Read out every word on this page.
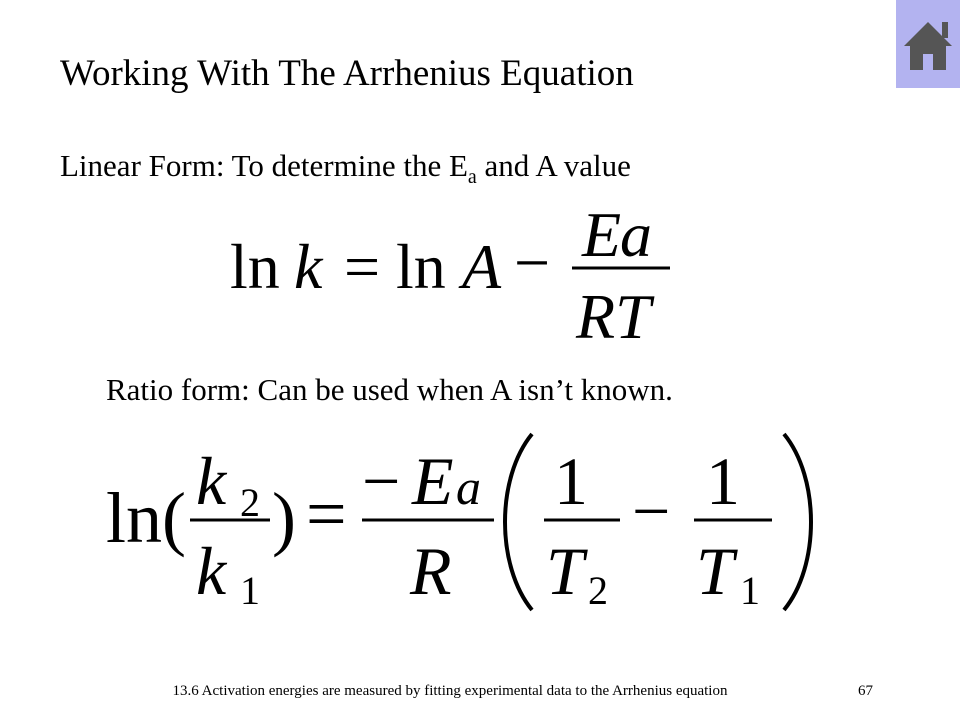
Working With The Arrhenius Equation
Linear Form: To determine the $E_a$ and A value
ln k = ln A − E
a
RT
Ratio form: Can be used when A isn’t known.
ln( k 2
k 1
) = − E a
R
1
T 2
− 1
T 1
13.6 Activation energies are measured by fitting experimental data to the Arrhenius equation	67
